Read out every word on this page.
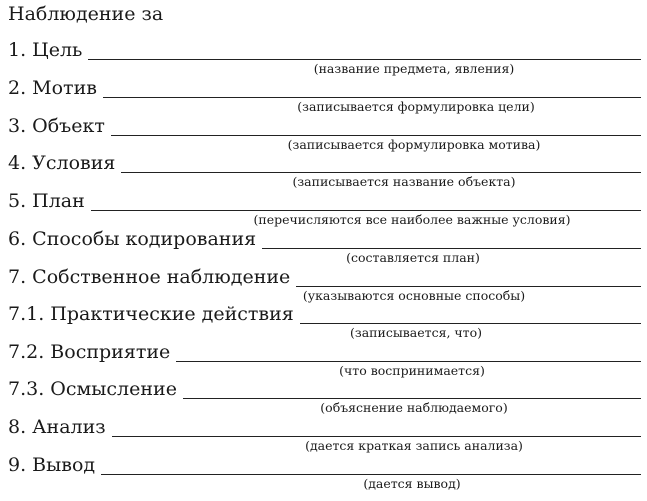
Наблюдение за
1. Цель
(название предмета, явления)
2. Мотив
(записывается формулировка цели)
3. Объект
(записывается формулировка мотива)
4. Условия
(записывается название объекта)
5. План
(перечисляются все наиболее важные условия)
6. Способы кодирования
(составляется план)
7. Собственное наблюдение
(указываются основные способы)
7.1. Практические действия
(записывается, что)
7.2. Восприятие
(что воспринимается)
7.3. Осмысление
(объяснение наблюдаемого)
8. Анализ
(дается краткая запись анализа)
9. Вывод
(дается вывод)
